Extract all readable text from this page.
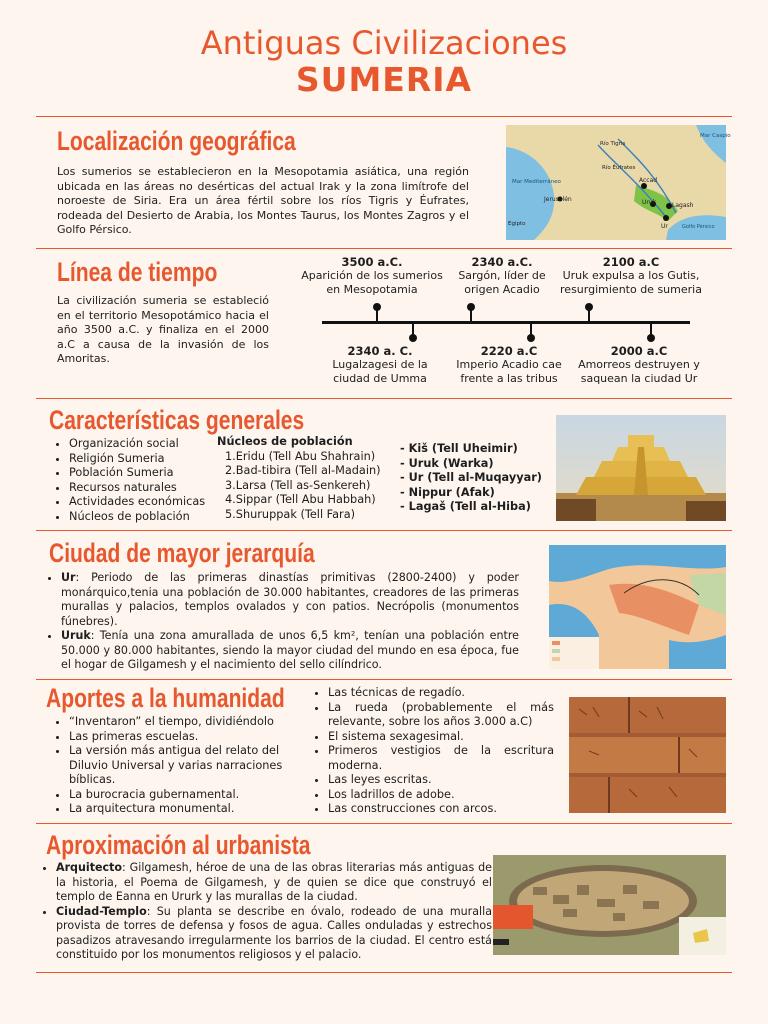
Antiguas Civilizaciones
SUMERIA
Localización geográfica
Los sumerios se establecieron en la Mesopotamia asiática, una región ubicada en las áreas no desérticas del actual Irak y la zona limítrofe del noroeste de Siria. Era un área fértil sobre los ríos Tigris y Éufrates, rodeada del Desierto de Arabia, los Montes Taurus, los Montes Zagros y el Golfo Pérsico.
Mar Mediterráneo
Mar Caspio
Río Tigris
Río Éufrates
Jerusalén
Egipto
Accad
Uruk	Lagash
Ur	Golfo Pérsico
Línea de tiempo
La civilización sumeria se estableció en el territorio Mesopotámico hacia el año 3500 a.C. y finaliza en el 2000 a.C a causa de la invasión de los Amoritas.
3500 a.C.
Aparición de los sumerios en Mesopotamia
2340 a.C.
Sargón, líder de origen Acadio
2100 a.C
Uruk expulsa a los Gutis, resurgimiento de sumeria
2340 a. C.
Lugalzagesi de la ciudad de Umma
2220 a.C
Imperio Acadio cae frente a las tribus
2000 a.C
Amorreos destruyen y saquean la ciudad Ur
Características generales
• Organización social
• Religión Sumeria
• Población Sumeria
• Recursos naturales
• Actividades económicas
• Núcleos de población
Núcleos de población
1.Eridu (Tell Abu Shahrain)
2.Bad-tibira (Tell al-Madain)
3.Larsa (Tell as-Senkereh)
4.Sippar (Tell Abu Habbah)
5.Shuruppak (Tell Fara)
- Kiš (Tell Uheimir)
- Uruk (Warka)
- Ur (Tell al-Muqayyar)
- Nippur (Afak)
- Lagaš (Tell al-Hiba)
Ciudad de mayor jerarquía
• Ur: Periodo de las primeras dinastías primitivas (2800-2400) y poder monárquico,tenia una población de 30.000 habitantes, creadores de las primeras murallas y palacios, templos ovalados y con patios. Necrópolis (monumentos fúnebres).
• Uruk: Tenía una zona amurallada de unos 6,5 km², tenían una población entre 50.000 y 80.000 habitantes, siendo la mayor ciudad del mundo en esa época, fue el hogar de Gilgamesh y el nacimiento del sello cilíndrico.
Aportes a la humanidad
• “Inventaron” el tiempo, dividiéndolo
• Las primeras escuelas.
• La versión más antigua del relato del Diluvio Universal y varias narraciones bíblicas.
• La burocracia gubernamental.
• La arquitectura monumental.
• Las técnicas de regadío.
• La rueda (probablemente el más relevante, sobre los años 3.000 a.C)
• El sistema sexagesimal.
• Primeros vestigios de la escritura moderna.
• Las leyes escritas.
• Los ladrillos de adobe.
• Las construcciones con arcos.
Aproximación al urbanista
• Arquitecto: Gilgamesh, héroe de una de las obras literarias más antiguas de la historia, el Poema de Gilgamesh, y de quien se dice que construyó el templo de Eanna en Ururk y las murallas de la ciudad.
• Ciudad-Templo: Su planta se describe en óvalo, rodeado de una muralla provista de torres de defensa y fosos de agua. Calles onduladas y estrechos pasadizos atravesando irregularmente los barrios de la ciudad. El centro está constituido por los monumentos religiosos y el palacio.
